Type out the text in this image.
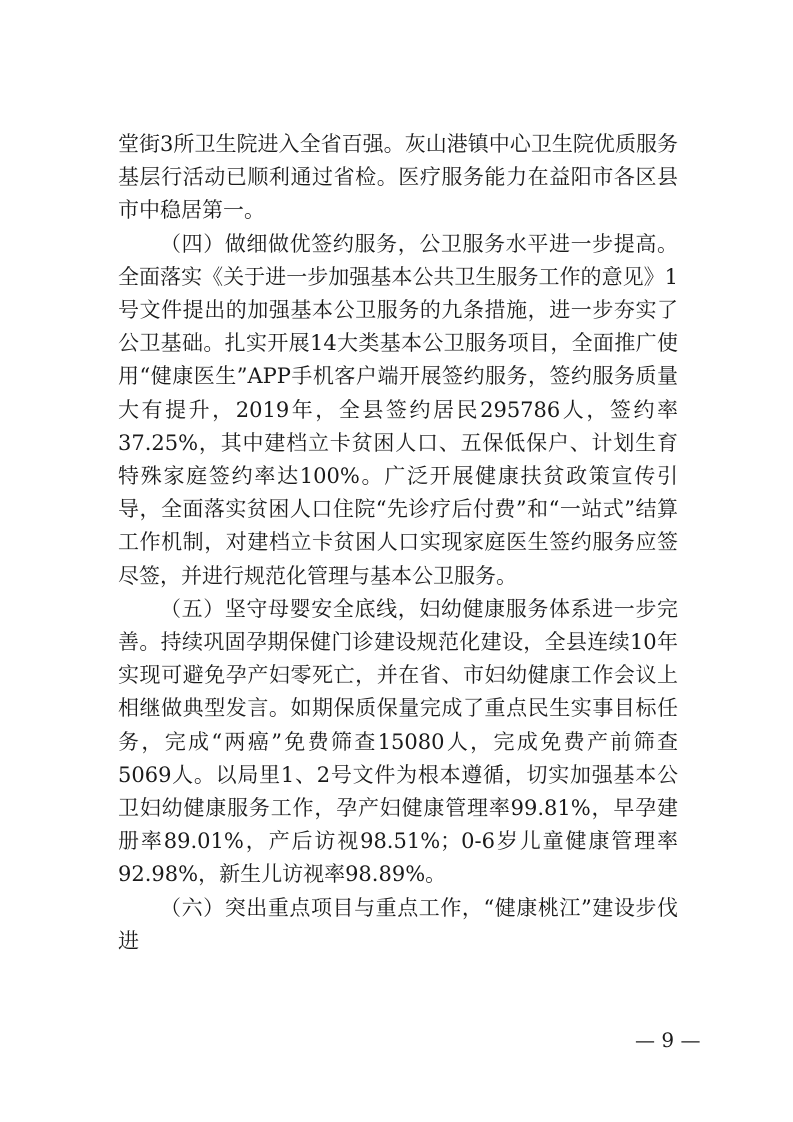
堂街3所卫生院进入全省百强。灰山港镇中心卫生院优质服务基层行活动已顺利通过省检。医疗服务能力在益阳市各区县市中稳居第一。

（四）做细做优签约服务，公卫服务水平进一步提高。全面落实《关于进一步加强基本公共卫生服务工作的意见》1号文件提出的加强基本公卫服务的九条措施，进一步夯实了公卫基础。扎实开展14大类基本公卫服务项目，全面推广使用“健康医生”APP手机客户端开展签约服务，签约服务质量大有提升，2019年，全县签约居民295786人，签约率37.25%，其中建档立卡贫困人口、五保低保户、计划生育特殊家庭签约率达100%。广泛开展健康扶贫政策宣传引导，全面落实贫困人口住院“先诊疗后付费”和“一站式”结算工作机制，对建档立卡贫困人口实现家庭医生签约服务应签尽签，并进行规范化管理与基本公卫服务。

（五）坚守母婴安全底线，妇幼健康服务体系进一步完善。持续巩固孕期保健门诊建设规范化建设，全县连续10年实现可避免孕产妇零死亡，并在省、市妇幼健康工作会议上相继做典型发言。如期保质保量完成了重点民生实事目标任务，完成“两癌”免费筛查15080人，完成免费产前筛查5069人。以局里1、2号文件为根本遵循，切实加强基本公卫妇幼健康服务工作，孕产妇健康管理率99.81%，早孕建册率89.01%，产后访视98.51%；0-6岁儿童健康管理率92.98%，新生儿访视率98.89%。

（六）突出重点项目与重点工作，“健康桃江”建设步伐进

— 9 —
